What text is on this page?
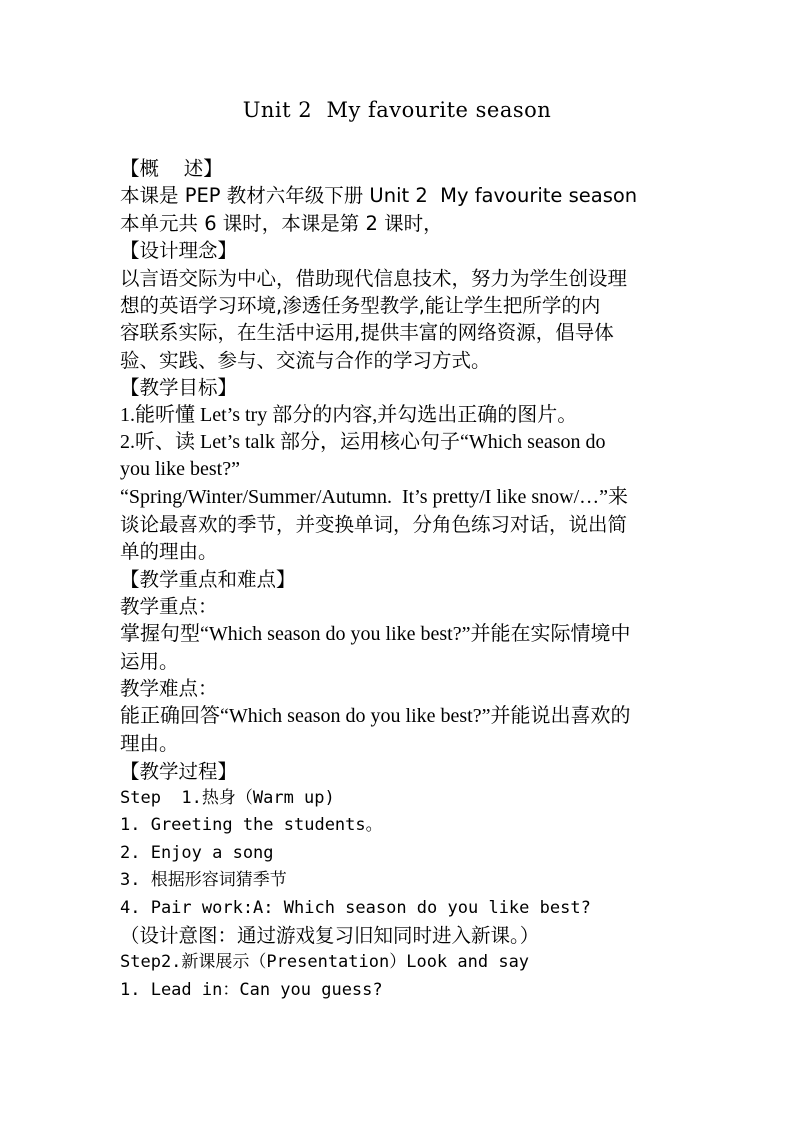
Unit 2  My favourite season
【概    述】
本课是 PEP 教材六年级下册 Unit 2  My favourite season
本单元共 6 课时，本课是第 2 课时，
【设计理念】
以言语交际为中心，借助现代信息技术，努力为学生创设理
想的英语学习环境,渗透任务型教学,能让学生把所学的内
容联系实际，在生活中运用,提供丰富的网络资源，倡导体
验、实践、参与、交流与合作的学习方式。
【教学目标】
1.能听懂 Let’s try 部分的内容,并勾选出正确的图片。
2.听、读 Let’s talk 部分，运用核心句子“Which season do
you like best?”
“Spring/Winter/Summer/Autumn.  It’s pretty/I like snow/…”来
谈论最喜欢的季节，并变换单词，分角色练习对话，说出简
单的理由。
【教学重点和难点】
教学重点：
掌握句型“Which season do you like best?”并能在实际情境中
运用。
教学难点：
能正确回答“Which season do you like best?”并能说出喜欢的
理由。
【教学过程】
Step  1.热身（Warm up)
1. Greeting the students。
2. Enjoy a song
3. 根据形容词猜季节
4. Pair work:A: Which season do you like best?
（设计意图：通过游戏复习旧知同时进入新课。）
Step2.新课展示（Presentation）Look and say
1. Lead in：Can you guess?
